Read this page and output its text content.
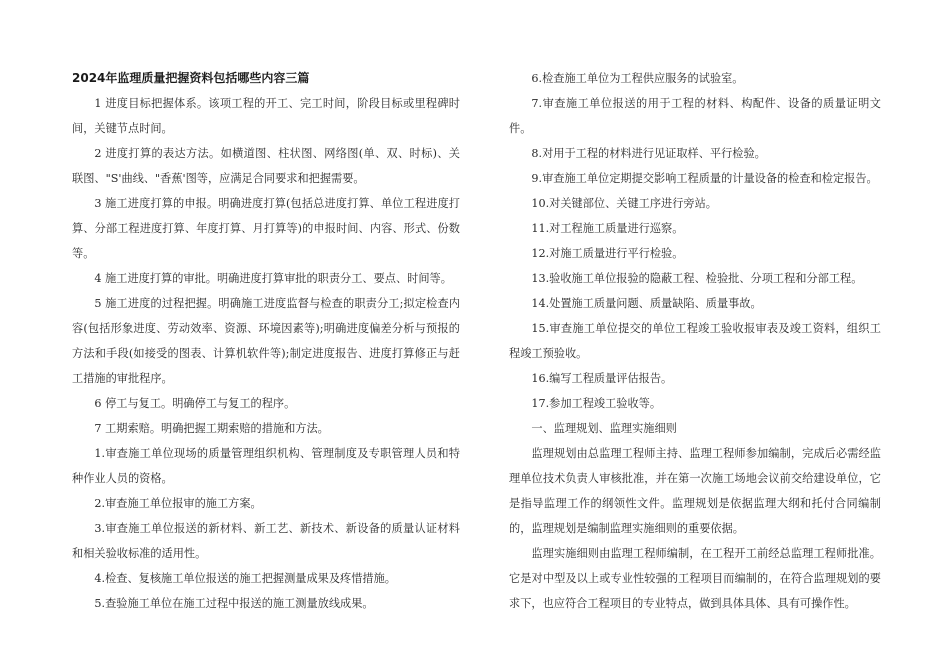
2024年监理质量把握资料包括哪些内容三篇

1 进度目标把握体系。该项工程的开工、完工时间，阶段目标或里程碑时间，关键节点时间。

2 进度打算的表达方法。如横道图、柱状图、网络图(单、双、时标)、关联图、"S'曲线、"香蕉'图等，应满足合同要求和把握需要。

3 施工进度打算的申报。明确进度打算(包括总进度打算、单位工程进度打算、分部工程进度打算、年度打算、月打算等)的申报时间、内容、形式、份数等。

4 施工进度打算的审批。明确进度打算审批的职责分工、要点、时间等。

5 施工进度的过程把握。明确施工进度监督与检查的职责分工;拟定检查内容(包括形象进度、劳动效率、资源、环境因素等);明确进度偏差分析与预报的方法和手段(如接受的图表、计算机软件等);制定进度报告、进度打算修正与赶工措施的审批程序。

6 停工与复工。明确停工与复工的程序。

7 工期索赔。明确把握工期索赔的措施和方法。

1.审查施工单位现场的质量管理组织机构、管理制度及专职管理人员和特种作业人员的资格。

2.审查施工单位报审的施工方案。

3.审查施工单位报送的新材料、新工艺、新技术、新设备的质量认证材料和相关验收标准的适用性。

4.检查、复核施工单位报送的施工把握测量成果及疼惜措施。

5.查验施工单位在施工过程中报送的施工测量放线成果。

6.检查施工单位为工程供应服务的试验室。

7.审查施工单位报送的用于工程的材料、构配件、设备的质量证明文件。

8.对用于工程的材料进行见证取样、平行检验。

9.审查施工单位定期提交影响工程质量的计量设备的检查和检定报告。

10.对关键部位、关键工序进行旁站。

11.对工程施工质量进行巡察。

12.对施工质量进行平行检验。

13.验收施工单位报验的隐蔽工程、检验批、分项工程和分部工程。

14.处置施工质量问题、质量缺陷、质量事故。

15.审查施工单位提交的单位工程竣工验收报审表及竣工资料，组织工程竣工预验收。

16.编写工程质量评估报告。

17.参加工程竣工验收等。

一、监理规划、监理实施细则

监理规划由总监理工程师主持、监理工程师参加编制，完成后必需经监理单位技术负责人审核批准，并在第一次施工场地会议前交给建设单位，它是指导监理工作的纲领性文件。监理规划是依据监理大纲和托付合同编制的，监理规划是编制监理实施细则的重要依据。

监理实施细则由监理工程师编制，在工程开工前经总监理工程师批准。它是对中型及以上或专业性较强的工程项目而编制的，在符合监理规划的要求下，也应符合工程项目的专业特点，做到具体具体、具有可操作性。
